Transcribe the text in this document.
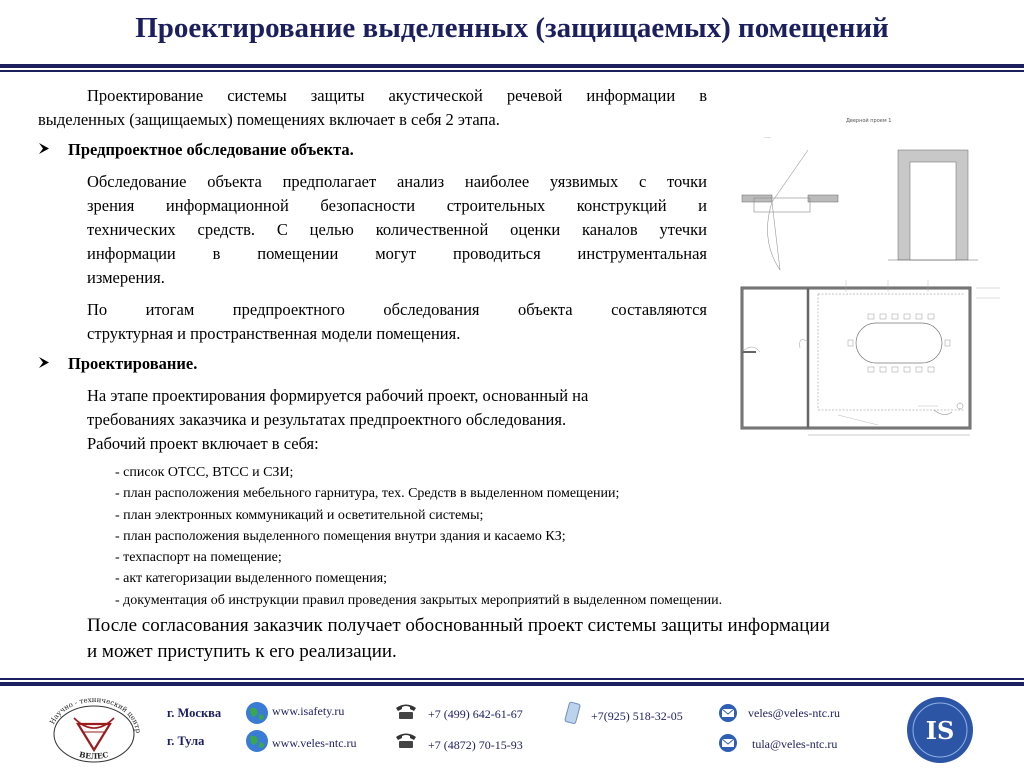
Проектирование выделенных (защищаемых) помещений
Проектирование системы защиты акустической речевой информации в
выделенных (защищаемых) помещениях включает в себя 2 этапа.
Предпроектное обследование объекта.
Обследование объекта предполагает анализ наиболее уязвимых с точки
зрения информационной безопасности строительных конструкций и
технических средств. С целью количественной оценки каналов утечки
информации в помещении могут проводиться инструментальная
измерения.
По итогам предпроектного обследования объекта составляются
структурная и пространственная модели помещения.
Проектирование.
На этапе проектирования формируется рабочий проект, основанный на
требованиях заказчика и результатах предпроектного обследования.
Рабочий проект включает в себя:
- список ОТСС, ВТСС и СЗИ;
- план расположения мебельного гарнитура, тех. Средств в выделенном помещении;
- план электронных коммуникаций и осветительной системы;
- план расположения выделенного помещения внутри здания и касаемо КЗ;
- техпаспорт на помещение;
- акт категоризации выделенного помещения;
- документация об инструкции правил проведения закрытых мероприятий в выделенном помещении.
После согласования заказчик получает обоснованный проект системы защиты информации
и может приступить к его реализации.
Дверной проем 1
——
Научно - технический центр
ВЕЛЕС
г. Москва
г. Тула
www.isafety.ru
www.veles-ntc.ru
+7 (499) 642-61-67
+7 (4872) 70-15-93
+7(925) 518-32-05	veles@veles-ntc.ru
tula@veles-ntc.ru	IS
